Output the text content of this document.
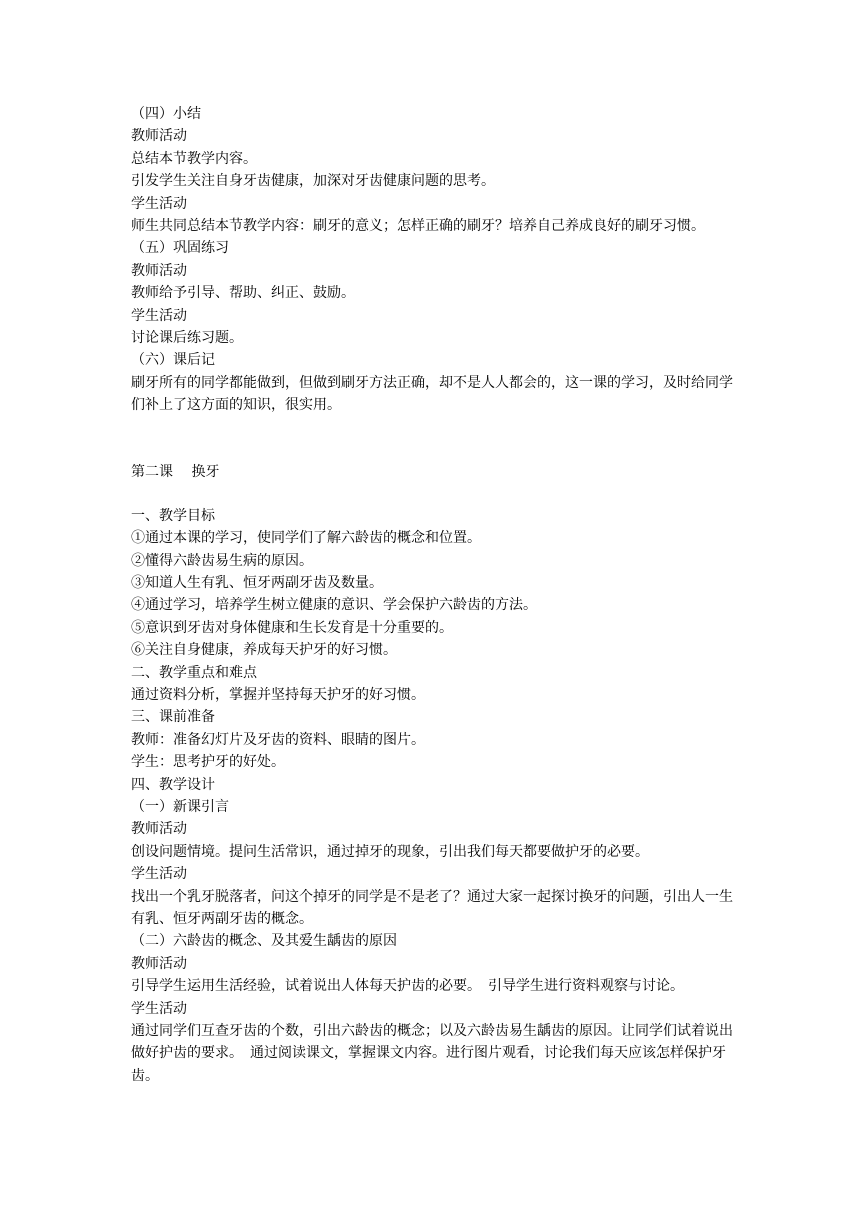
（四）小结
教师活动
总结本节教学内容。
引发学生关注自身牙齿健康，加深对牙齿健康问题的思考。
学生活动
师生共同总结本节教学内容：刷牙的意义；怎样正确的刷牙？培养自己养成良好的刷牙习惯。
（五）巩固练习
教师活动
教师给予引导、帮助、纠正、鼓励。
学生活动
讨论课后练习题。
（六）课后记

刷牙所有的同学都能做到，但做到刷牙方法正确，却不是人人都会的，这一课的学习，及时给同学们补上了这方面的知识，很实用。

第二课　 换牙
一、教学目标
①通过本课的学习，使同学们了解六龄齿的概念和位置。
②懂得六龄齿易生病的原因。
③知道人生有乳、恒牙两副牙齿及数量。
④通过学习，培养学生树立健康的意识、学会保护六龄齿的方法。
⑤意识到牙齿对身体健康和生长发育是十分重要的。
⑥关注自身健康，养成每天护牙的好习惯。
二、教学重点和难点
通过资料分析，掌握并坚持每天护牙的好习惯。
三、课前准备
教师：准备幻灯片及牙齿的资料、眼睛的图片。
学生：思考护牙的好处。
四、教学设计
（一）新课引言
教师活动
创设问题情境。提问生活常识，通过掉牙的现象，引出我们每天都要做护牙的必要。
学生活动

找出一个乳牙脱落者，问这个掉牙的同学是不是老了？通过大家一起探讨换牙的问题，引出人一生有乳、恒牙两副牙齿的概念。

（二）六龄齿的概念、及其爱生龋齿的原因
教师活动
引导学生运用生活经验，试着说出人体每天护齿的必要。　引导学生进行资料观察与讨论。
学生活动

通过同学们互查牙齿的个数，引出六龄齿的概念；以及六龄齿易生龋齿的原因。让同学们试着说出做好护齿的要求。　通过阅读课文，掌握课文内容。进行图片观看，讨论我们每天应该怎样保护牙齿。
